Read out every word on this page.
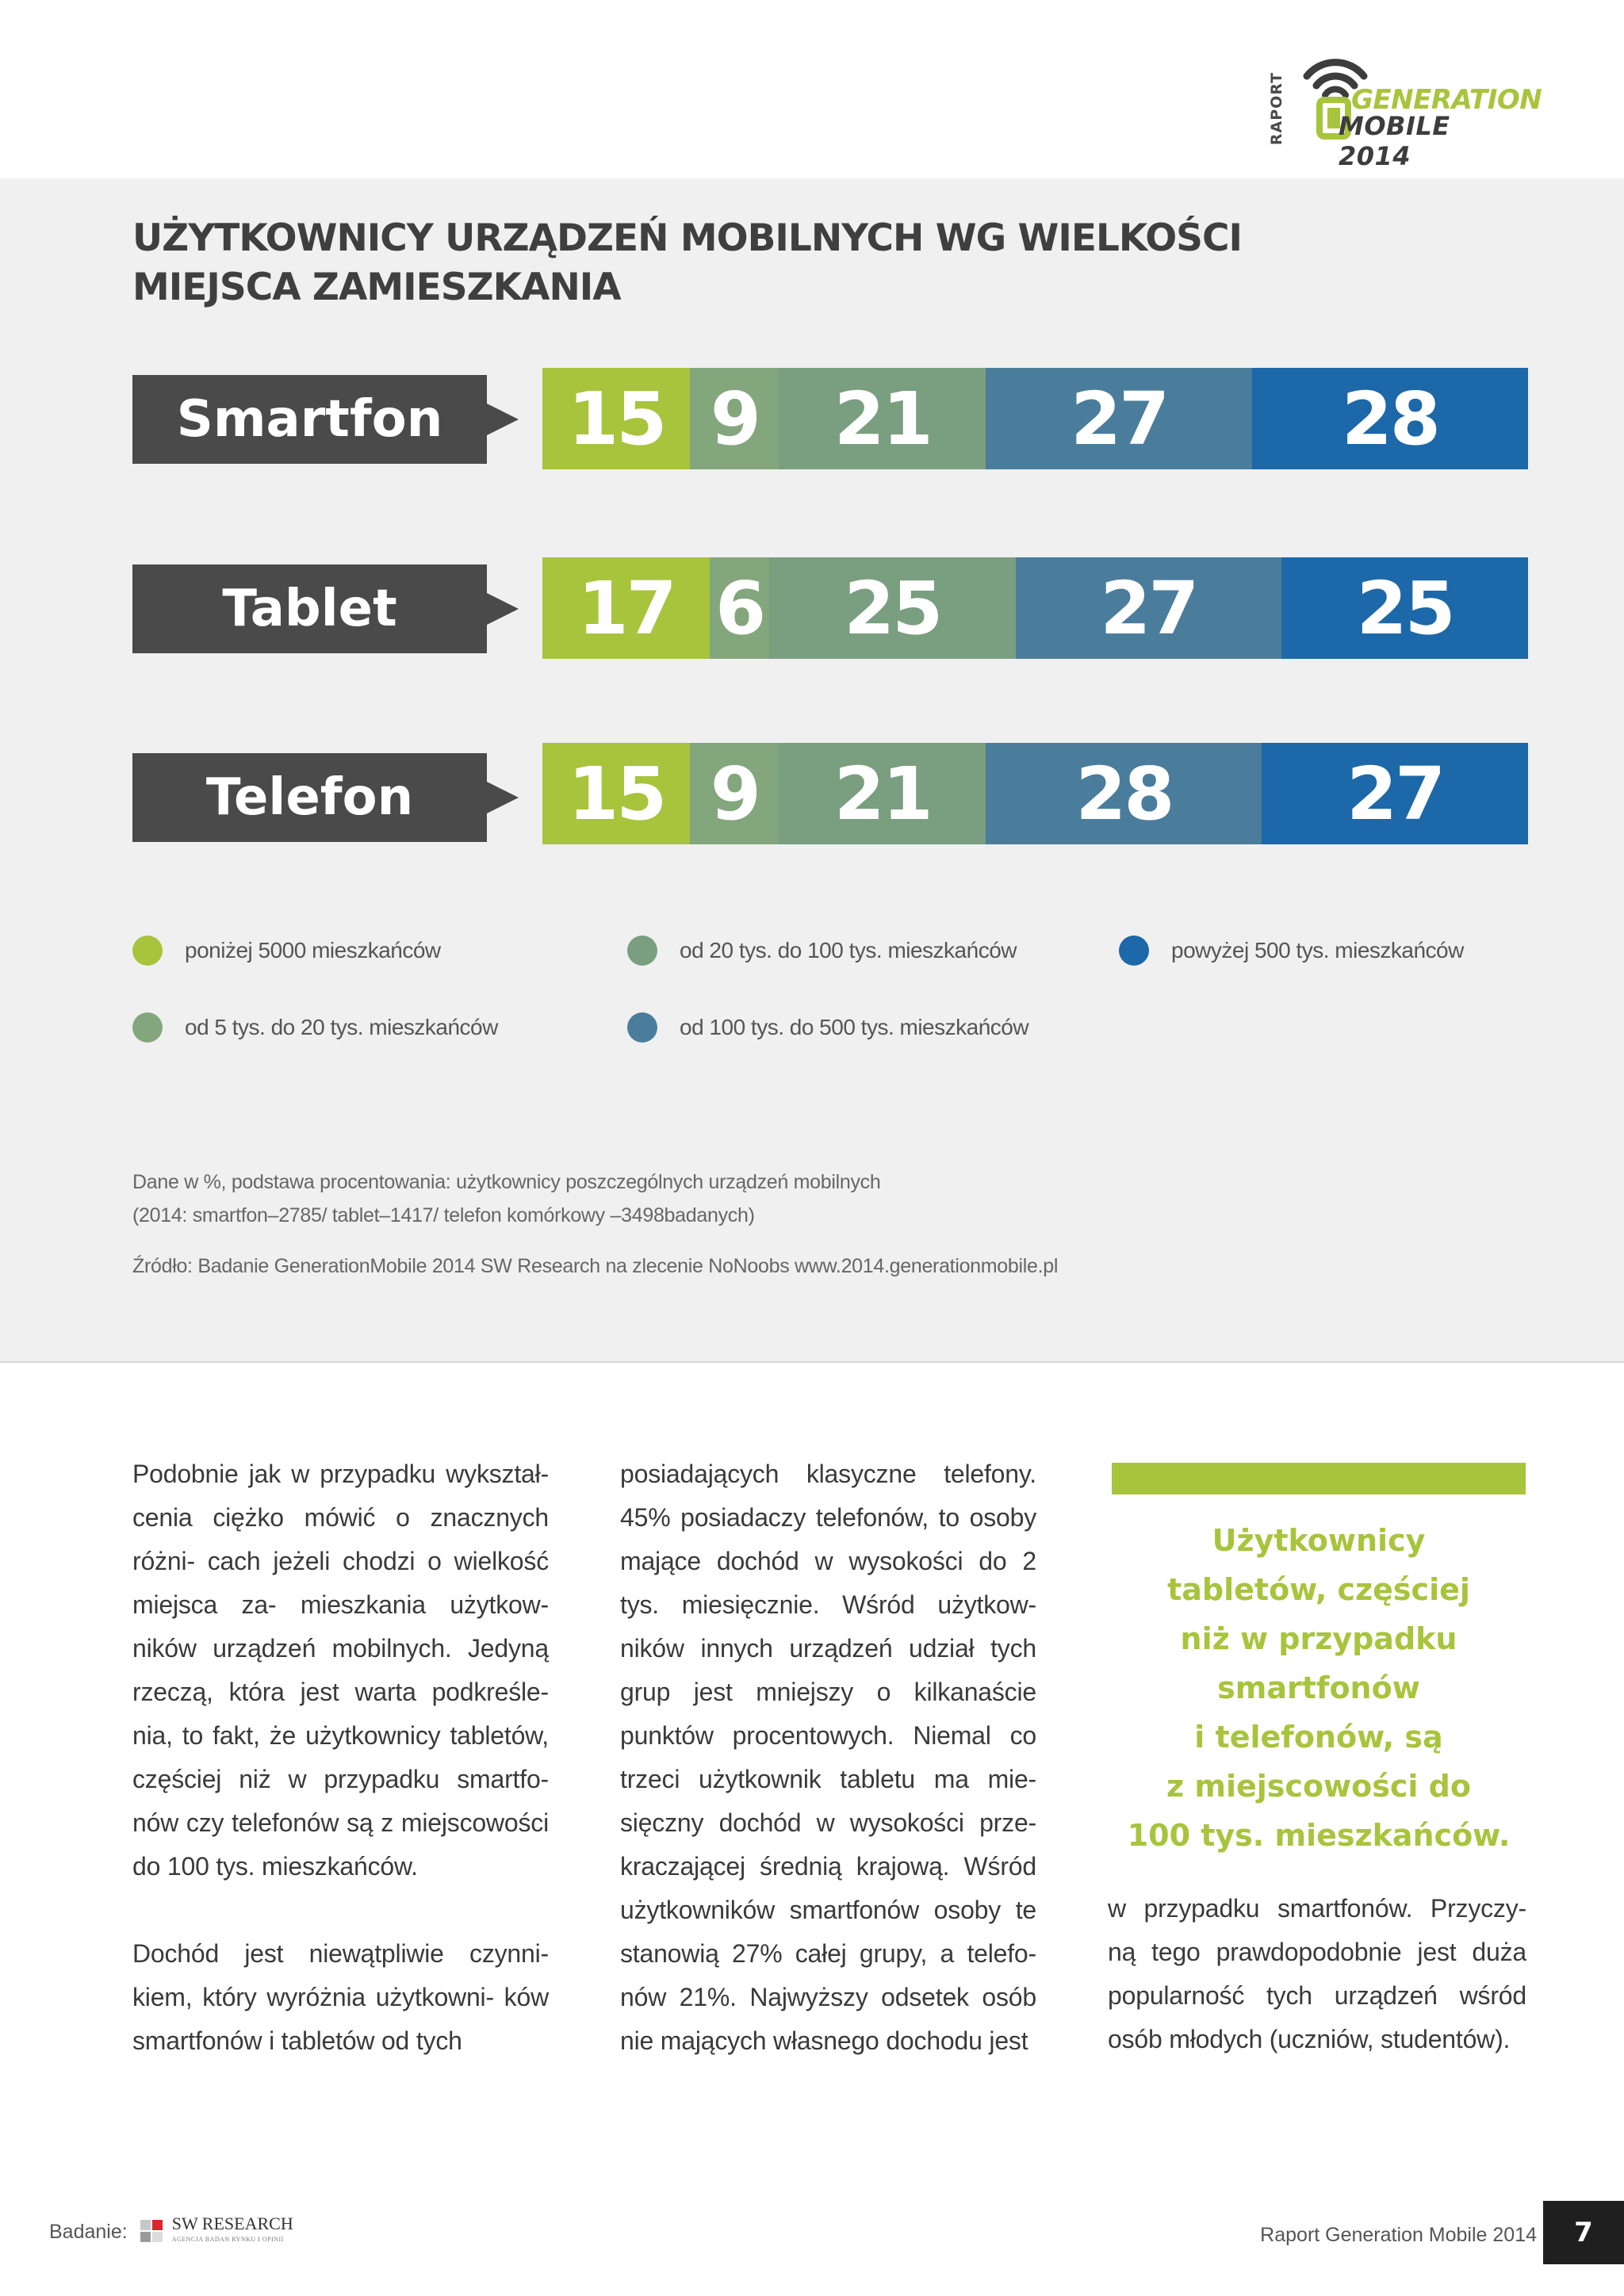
RAPORT GENERATION
MOBILE 2014
UŻYTKOWNICY URZĄDZEŃ MOBILNYCH WG WIELKOŚCI
MIEJSCA ZAMIESZKANIA
Smartfon	15 9 21 27 28
Tablet	17 6 25 27 25
Telefon	15 9 21 28 27
poniżej 5000 mieszkańców	od 20 tys. do 100 tys. mieszkańców	powyżej 500 tys. mieszkańców
od 5 tys. do 20 tys. mieszkańców	od 100 tys. do 500 tys. mieszkańców

Dane w %, podstawa procentowania: użytkownicy poszczególnych urządzeń mobilnych

(2014: smartfon–2785/ tablet–1417/ telefon komórkowy –3498badanych)

Źródło: Badanie GenerationMobile 2014 SW Research na zlecenie NoNoobs www.2014.generationmobile.pl

Podobnie jak w przypadku wykształ- cenia ciężko mówić o znacznych różni- cach jeżeli chodzi o wielkość miejsca za- mieszkania użytkow- ników urządzeń mobilnych. Jedyną rzeczą, która jest warta podkreśle- nia, to fakt, że użytkownicy tabletów, częściej niż w przypadku smartfo- nów czy telefonów są z miejscowości do 100 tys. mieszkańców.

Dochód jest niewątpliwie czynni- kiem, który wyróżnia użytkowni- ków smartfonów i tabletów od tych

posiadających klasyczne telefony. 45% posiadaczy telefonów, to osoby mające dochód w wysokości do 2 tys. miesięcznie. Wśród użytkow- ników innych urządzeń udział tych grup jest mniejszy o kilkanaście punktów procentowych. Niemal co trzeci użytkownik tabletu ma mie- sięczny dochód w wysokości prze- kraczającej średnią krajową. Wśród użytkowników smartfonów osoby te stanowią 27% całej grupy, a telefo- nów 21%. Najwyższy odsetek osób nie mających własnego dochodu jest

Użytkownicy
tabletów, częściej
niż w przypadku
smartfonów
i telefonów, są
z miejscowości do
100 tys. mieszkańców.

w przypadku smartfonów. Przyczy- ną tego prawdopodobnie jest duża popularność tych urządzeń wśród osób młodych (uczniów, studentów).

Badanie:	SW RESEARCH
AGENCJA BADAN RYNKU I OPINII	Raport Generation Mobile 2014	7
